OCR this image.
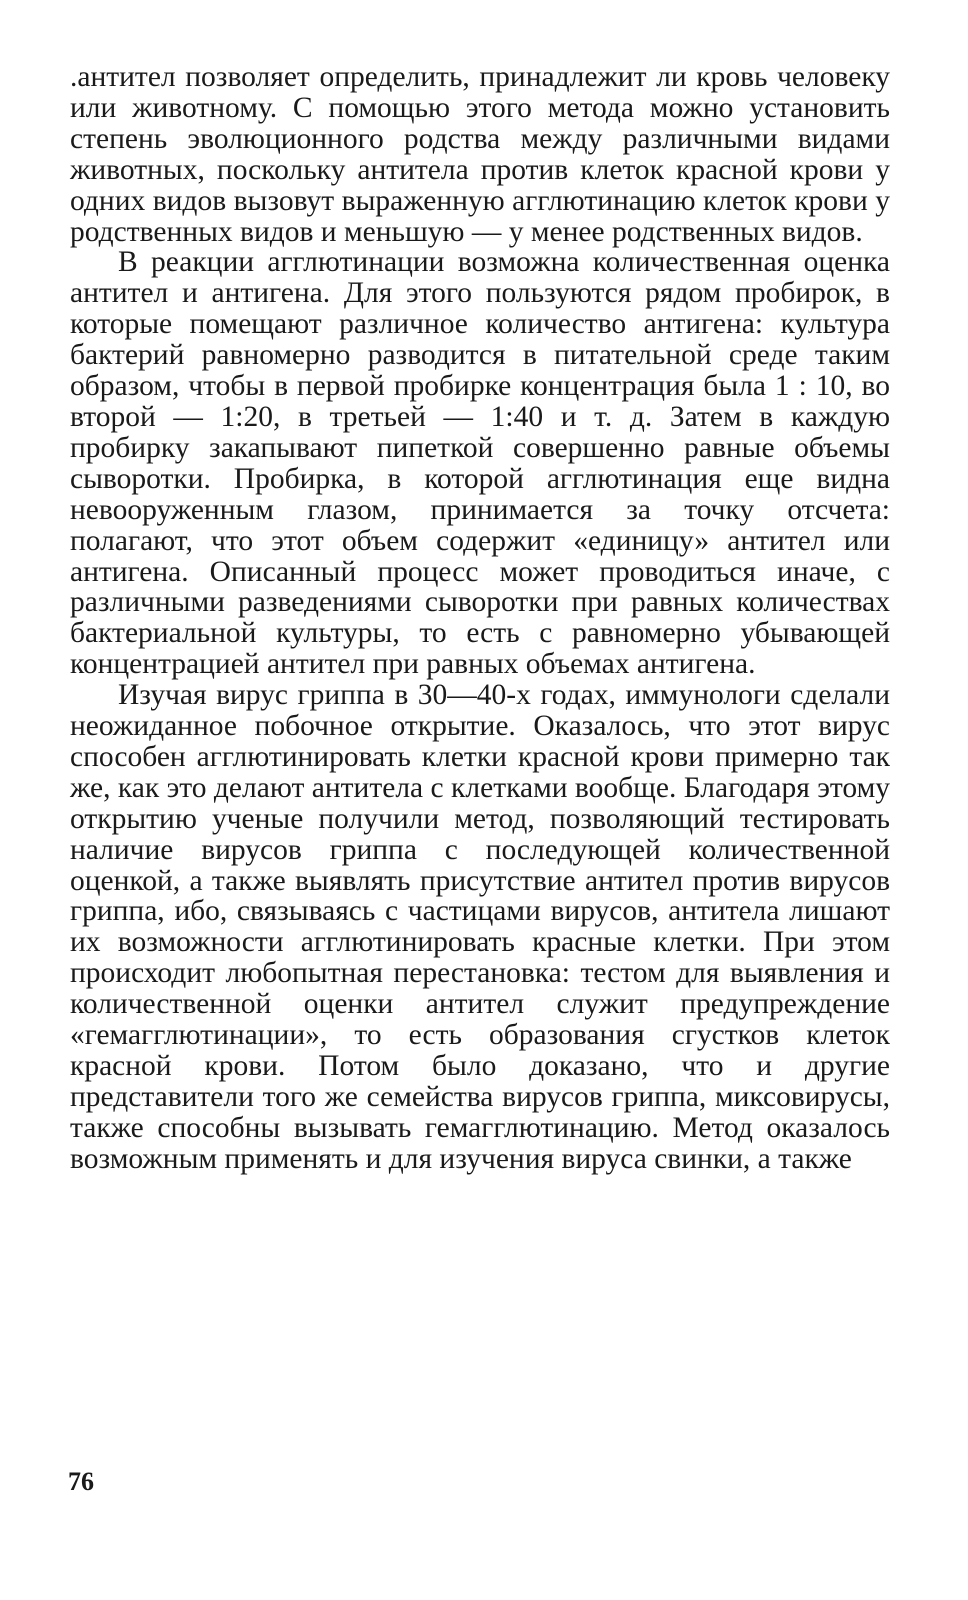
.антител позволяет определить, принадлежит ли кровь человеку или животному. С помощью этого метода можно установить степень эволюционного родства между различными видами животных, поскольку антитела против клеток красной крови у одних видов вызовут выраженную агглютинацию клеток крови у родственных видов и меньшую — у менее родственных видов.

В реакции агглютинации возможна количественная оценка антител и антигена. Для этого пользуются рядом пробирок, в которые помещают различное количество антигена: культура бактерий равномерно разводится в питательной среде таким образом, чтобы в первой пробирке концентрация была 1 : 10, во второй — 1:20, в третьей — 1:40 и т. д. Затем в каждую пробирку закапывают пипеткой совершенно равные объемы сыворотки. Пробирка, в которой агглютинация еще видна невооруженным глазом, принимается за точку отсчета: полагают, что этот объем содержит «единицу» антител или антигена. Описанный процесс может проводиться иначе, с различными разведениями сыворотки при равных количествах бактериальной культуры, то есть с равномерно убывающей концентрацией антител при равных объемах антигена.

Изучая вирус гриппа в 30—40-х годах, иммунологи сделали неожиданное побочное открытие. Оказалось, что этот вирус способен агглютинировать клетки красной крови примерно так же, как это делают антитела с клетками вообще. Благодаря этому открытию ученые получили метод, позволяющий тестировать наличие вирусов гриппа с последующей количественной оценкой, а также выявлять присутствие антител против вирусов гриппа, ибо, связываясь с частицами вирусов, антитела лишают их возможности агглютинировать красные клетки. При этом происходит любопытная перестановка: тестом для выявления и количественной оценки антител служит предупреждение «гемагглютинации», то есть образования сгустков клеток красной крови. Потом было доказано, что и другие представители того же семейства вирусов гриппа, миксовирусы, также способны вызывать гемагглютинацию. Метод оказалось возможным применять и для изучения вируса свинки, а также

76
